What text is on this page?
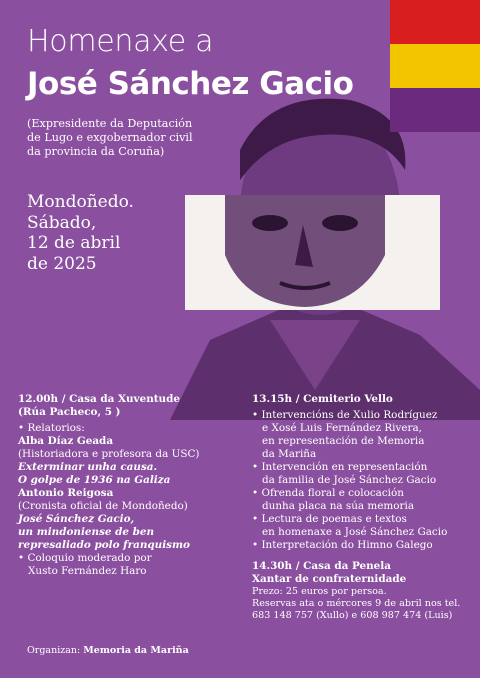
Homenaxe a
José Sánchez Gacio
(Expresidente da Deputación
de Lugo e exgobernador civil
da provincia da Coruña)
Mondoñedo.
Sábado,
12 de abril
de 2025
12.00h / Casa da Xuventude
(Rúa Pacheco, 5 )
• Relatorios:
Alba Díaz Geada
(Historiadora e profesora da USC)
Exterminar unha causa.
O golpe de 1936 na Galiza
Antonio Reigosa
(Cronista oficial de Mondoñedo)
José Sánchez Gacio,
un mindoniense de ben
represaliado polo franquismo
• Coloquio moderado por
Xusto Fernández Haro
13.15h / Cemiterio Vello
• Intervencións de Xulio Rodríguez
e Xosé Luis Fernández Rivera,
en representación de Memoria
da Mariña
• Intervención en representación
da familia de José Sánchez Gacio
• Ofrenda floral e colocación
dunha placa na súa memoria
• Lectura de poemas e textos
en homenaxe a José Sánchez Gacio
• Interpretación do Himno Galego
14.30h / Casa da Penela
Xantar de confraternidade
Prezo: 25 euros por persoa.
Reservas ata o mércores 9 de abril nos tel.
683 148 757 (Xullo) e 608 987 474 (Luis)
Organizan: Memoria da Mariña
